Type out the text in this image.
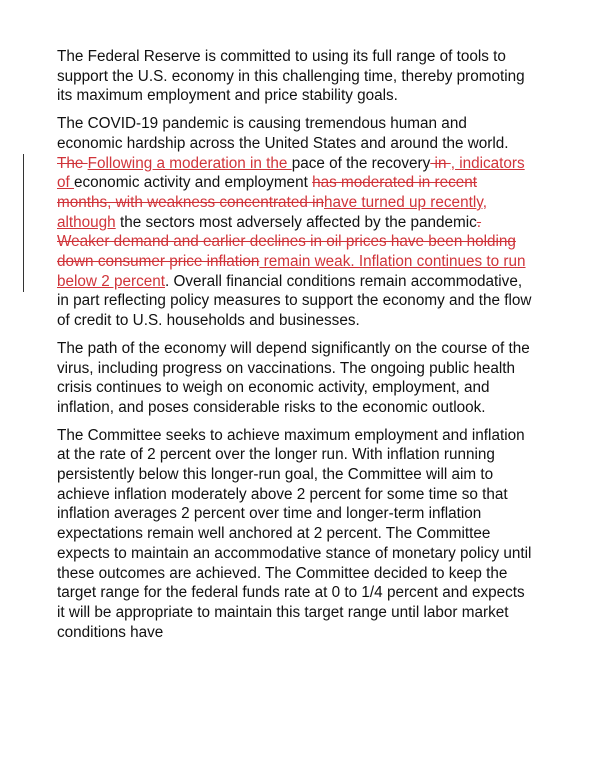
The Federal Reserve is committed to using its full range of tools to support the U.S. economy in this challenging time, thereby promoting its maximum employment and price stability goals.

The COVID-19 pandemic is causing tremendous human and economic hardship across the United States and around the world. The Following a moderation in the pace of the recovery in , indicators of economic activity and employment has moderated in recent months, with weakness concentrated inhave turned up recently, although the sectors most adversely affected by the pandemic. Weaker demand and earlier declines in oil prices have been holding down consumer price inflation remain weak. Inflation continues to run below 2 percent. Overall financial conditions remain accommodative, in part reflecting policy measures to support the economy and the flow of credit to U.S. households and businesses.

The path of the economy will depend significantly on the course of the virus, including progress on vaccinations. The ongoing public health crisis continues to weigh on economic activity, employment, and inflation, and poses considerable risks to the economic outlook.

The Committee seeks to achieve maximum employment and inflation at the rate of 2 percent over the longer run. With inflation running persistently below this longer-run goal, the Committee will aim to achieve inflation moderately above 2 percent for some time so that inflation averages 2 percent over time and longer-term inflation expectations remain well anchored at 2 percent. The Committee expects to maintain an accommodative stance of monetary policy until these outcomes are achieved. The Committee decided to keep the target range for the federal funds rate at 0 to 1/4 percent and expects it will be appropriate to maintain this target range until labor market conditions have
